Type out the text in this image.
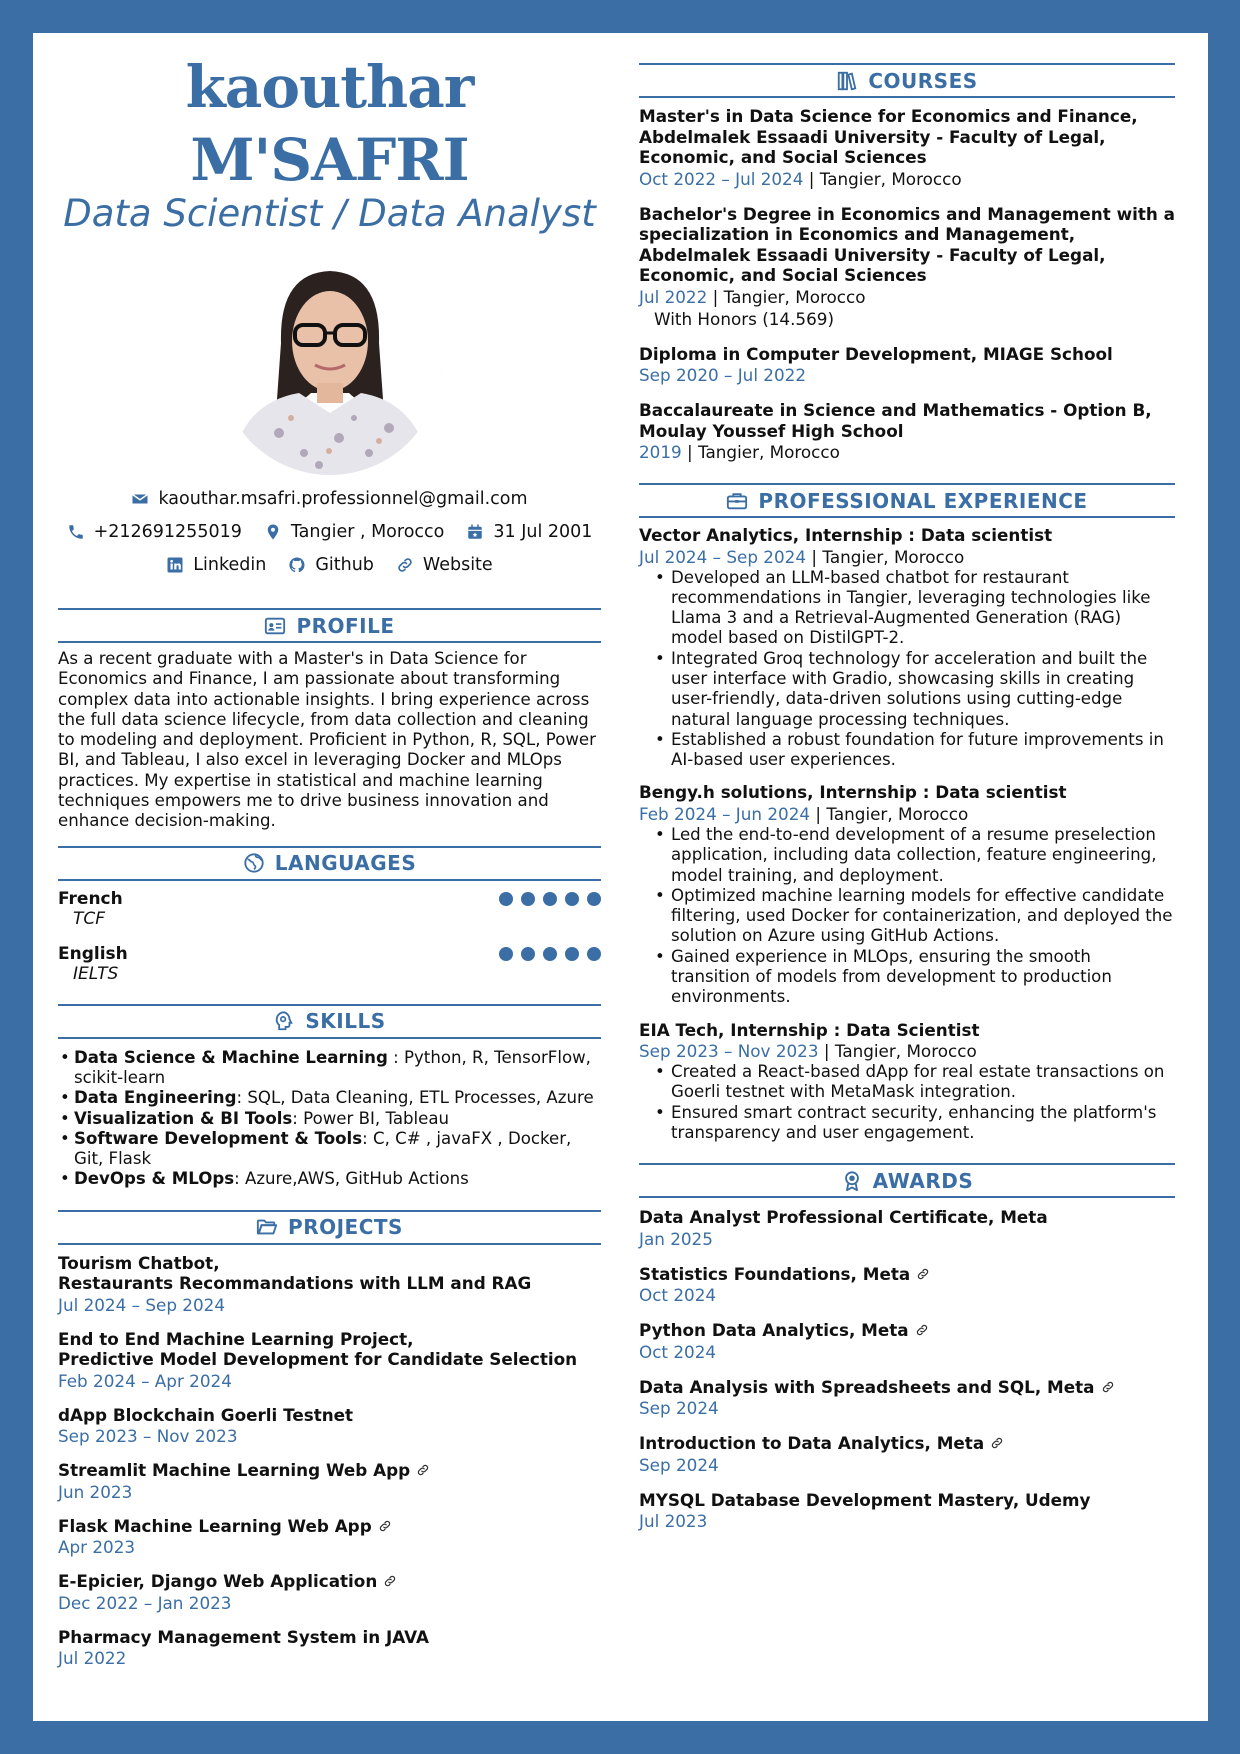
kaouthar M'SAFRI
Data Scientist / Data Analyst
kaouthar.msafri.professionnel@gmail.com
+212691255019	Tangier , Morocco	31 Jul 2001
Linkedin	Github	Website
PROFILE

As a recent graduate with a Master's in Data Science for Economics and Finance, I am passionate about transforming complex data into actionable insights. I bring experience across the full data science lifecycle, from data collection and cleaning to modeling and deployment. Proficient in Python, R, SQL, Power BI, and Tableau, I also excel in leveraging Docker and MLOps practices. My expertise in statistical and machine learning techniques empowers me to drive business innovation and enhance decision-making.

LANGUAGES
French
TCF
English
IELTS
SKILLS
• Data Science & Machine Learning : Python, R, TensorFlow, scikit-learn
• Data Engineering: SQL, Data Cleaning, ETL Processes, Azure
• Visualization & BI Tools: Power BI, Tableau
• Software Development & Tools: C, C# , javaFX , Docker, Git, Flask
• DevOps & MLOps: Azure,AWS, GitHub Actions
PROJECTS
Tourism Chatbot,
Restaurants Recommandations with LLM and RAG
Jul 2024 – Sep 2024
End to End Machine Learning Project,
Predictive Model Development for Candidate Selection
Feb 2024 – Apr 2024
dApp Blockchain Goerli Testnet
Sep 2023 – Nov 2023
Streamlit Machine Learning Web App
Jun 2023
Flask Machine Learning Web App
Apr 2023
E-Epicier, Django Web Application
Dec 2022 – Jan 2023
Pharmacy Management System in JAVA
Jul 2022
COURSES
Master's in Data Science for Economics and Finance, Abdelmalek Essaadi University - Faculty of Legal, Economic, and Social Sciences
Oct 2022 – Jul 2024 | Tangier, Morocco
Bachelor's Degree in Economics and Management with a specialization in Economics and Management, Abdelmalek Essaadi University - Faculty of Legal, Economic, and Social Sciences
Jul 2022 | Tangier, Morocco
With Honors (14.569)
Diploma in Computer Development, MIAGE School
Sep 2020 – Jul 2022
Baccalaureate in Science and Mathematics - Option B, Moulay Youssef High School
2019 | Tangier, Morocco
PROFESSIONAL EXPERIENCE
Vector Analytics, Internship : Data scientist
Jul 2024 – Sep 2024 | Tangier, Morocco
• Developed an LLM-based chatbot for restaurant recommendations in Tangier, leveraging technologies like Llama 3 and a Retrieval-Augmented Generation (RAG) model based on DistilGPT-2.
• Integrated Groq technology for acceleration and built the user interface with Gradio, showcasing skills in creating user-friendly, data-driven solutions using cutting-edge natural language processing techniques.
• Established a robust foundation for future improvements in AI-based user experiences.
Bengy.h solutions, Internship : Data scientist
Feb 2024 – Jun 2024 | Tangier, Morocco
• Led the end-to-end development of a resume preselection application, including data collection, feature engineering, model training, and deployment.
• Optimized machine learning models for effective candidate filtering, used Docker for containerization, and deployed the solution on Azure using GitHub Actions.
• Gained experience in MLOps, ensuring the smooth transition of models from development to production environments.
EIA Tech, Internship : Data Scientist
Sep 2023 – Nov 2023 | Tangier, Morocco
• Created a React-based dApp for real estate transactions on Goerli testnet with MetaMask integration.
• Ensured smart contract security, enhancing the platform's transparency and user engagement.
AWARDS
Data Analyst Professional Certificate, Meta
Jan 2025
Statistics Foundations, Meta
Oct 2024
Python Data Analytics, Meta
Oct 2024
Data Analysis with Spreadsheets and SQL, Meta
Sep 2024
Introduction to Data Analytics, Meta
Sep 2024
MYSQL Database Development Mastery, Udemy
Jul 2023
